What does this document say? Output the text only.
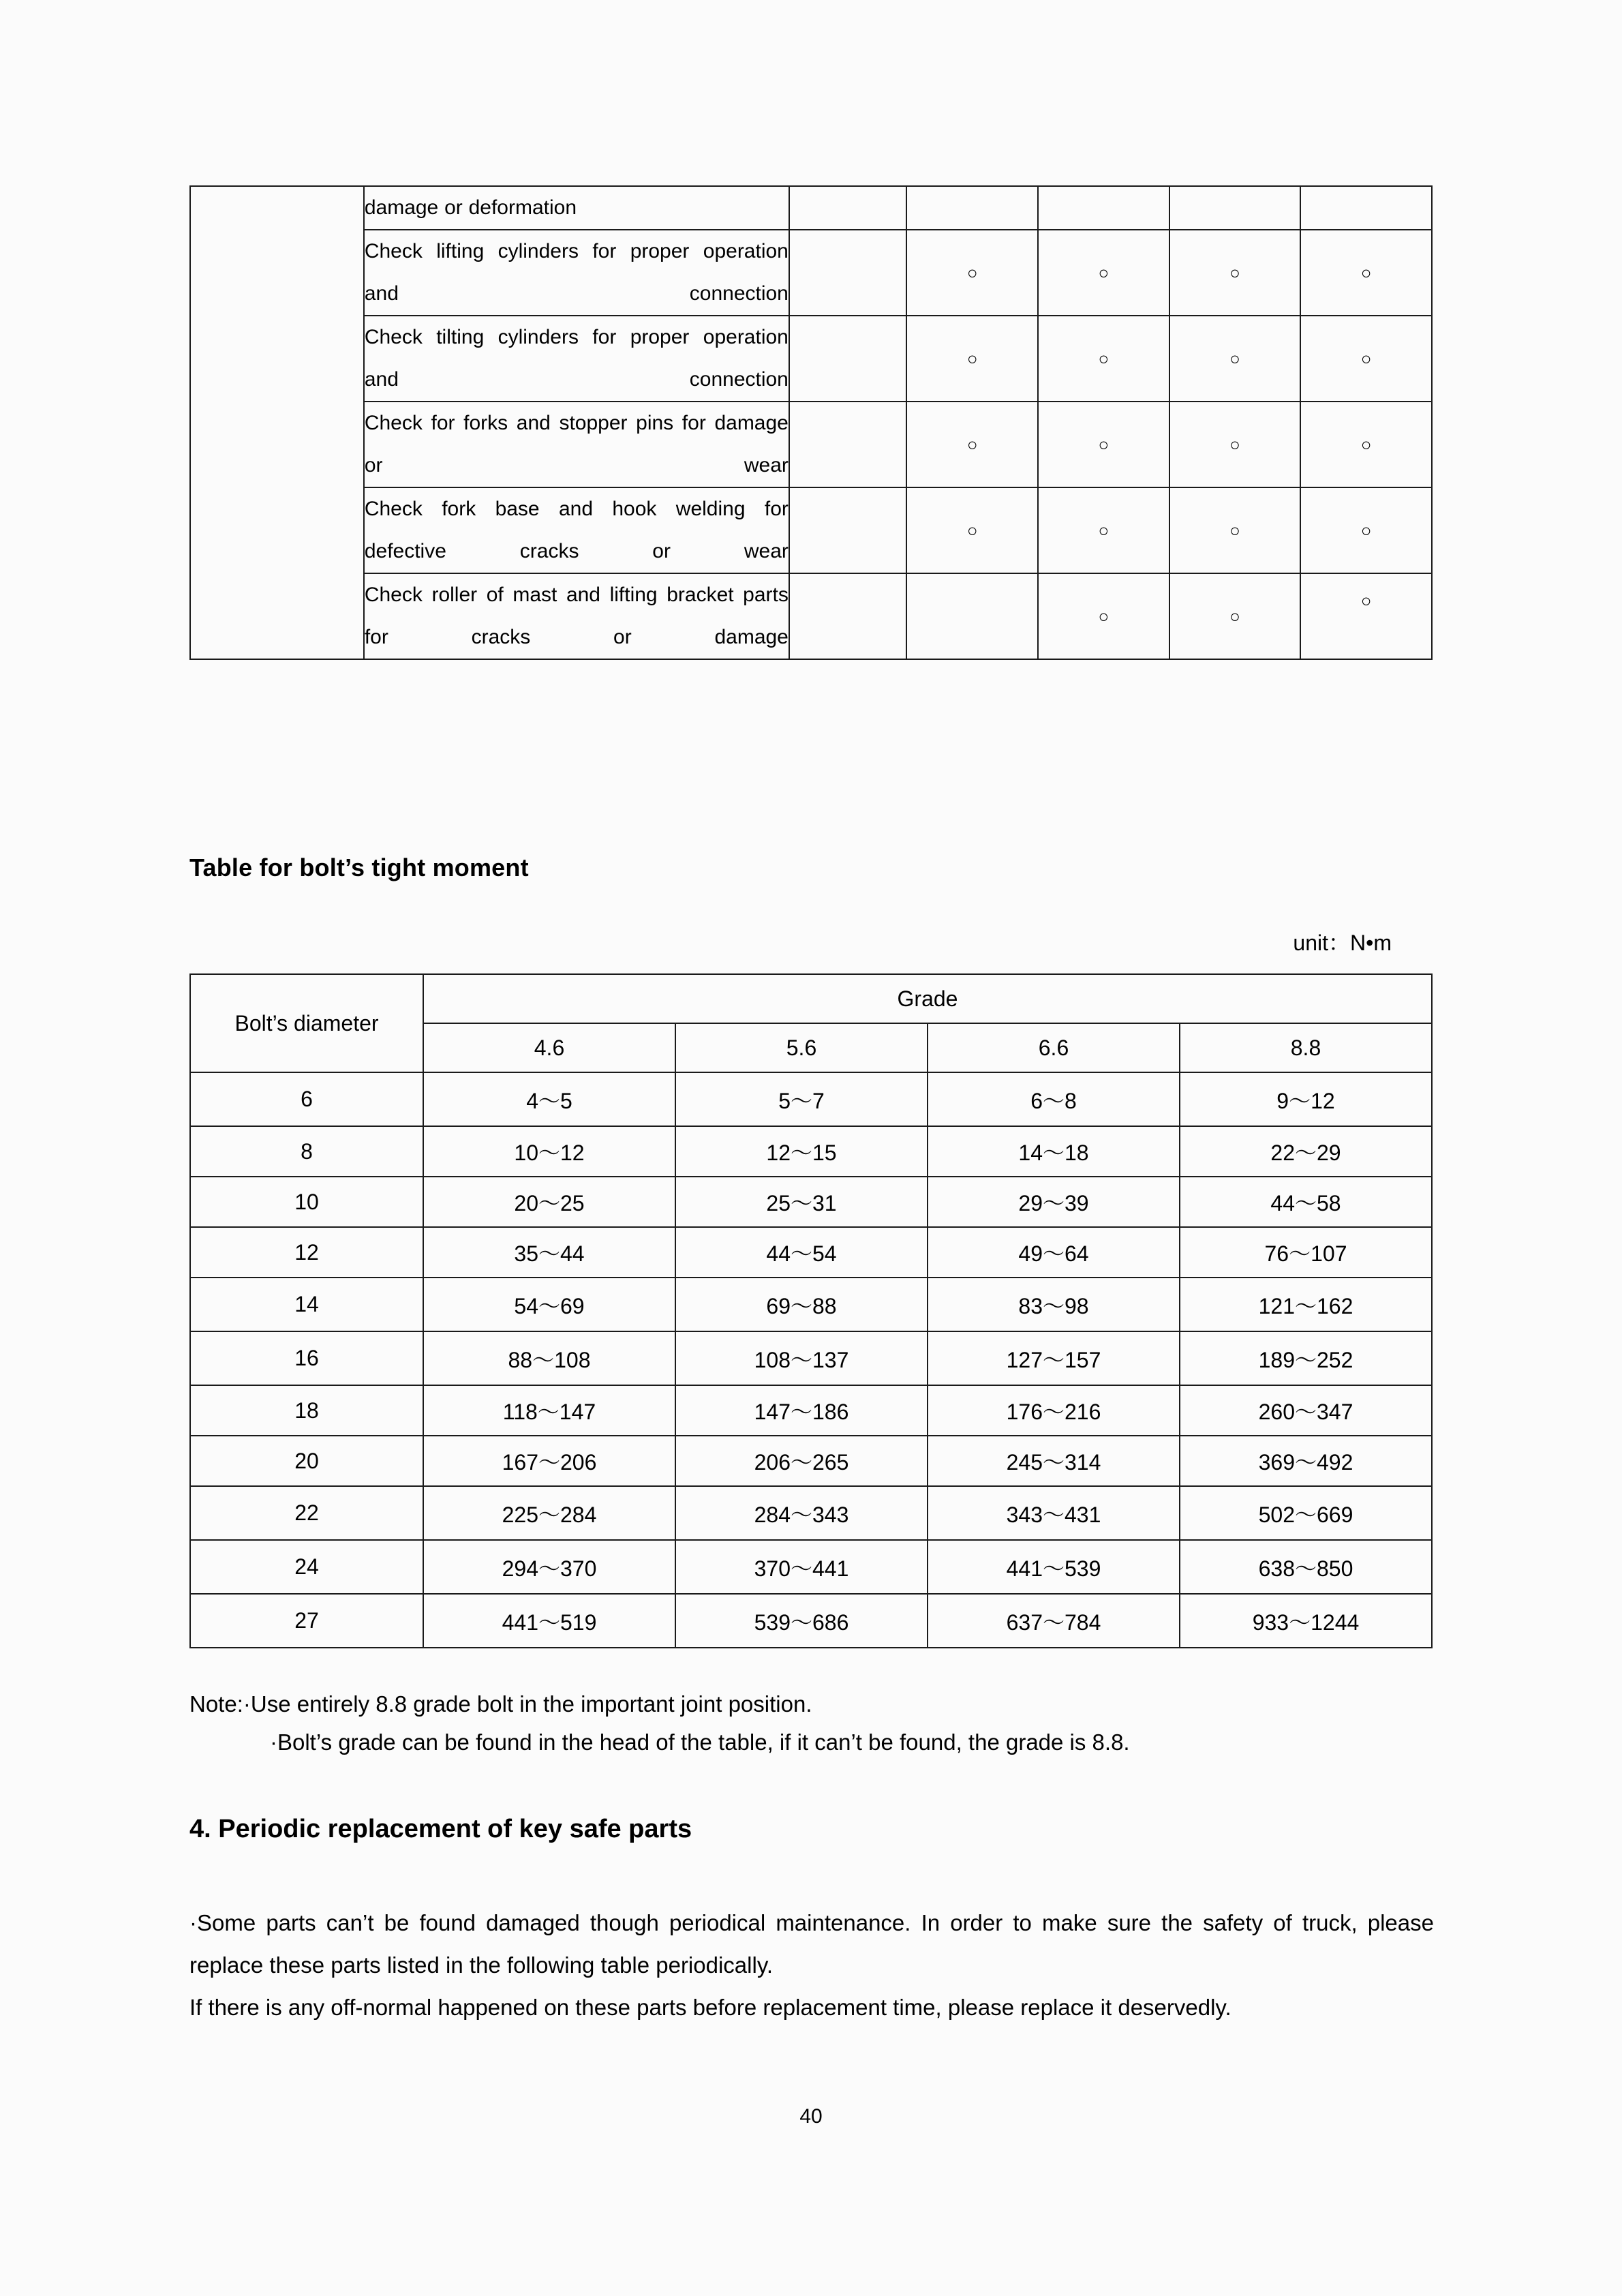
	damage or deformation					
	Check lifting cylinders for proper operation and connection		○	○	○	○
	Check tilting cylinders for proper operation and connection		○	○	○	○
	Check for forks and stopper pins for damage or wear		○	○	○	○
	Check fork base and hook welding for defective cracks or wear		○	○	○	○
	Check roller of mast and lifting bracket parts for cracks or damage			○	○	○
Table for bolt’s tight moment
unit：N•m
Bolt’s diameter	Grade			
	4.6	5.6	6.6	8.8
6	4～5	5～7	6～8	9～12
8	10～12	12～15	14～18	22～29
10	20～25	25～31	29～39	44～58
12	35～44	44～54	49～64	76～107
14	54～69	69～88	83～98	121～162
16	88～108	108～137	127～157	189～252
18	118～147	147～186	176～216	260～347
20	167～206	206～265	245～314	369～492
22	225～284	284～343	343～431	502～669
24	294～370	370～441	441～539	638～850
27	441～519	539～686	637～784	933～1244
Note:·Use entirely 8.8 grade bolt in the important joint position.
·Bolt’s grade can be found in the head of the table, if it can’t be found, the grade is 8.8.
4. Periodic replacement of key safe parts
·Some parts can’t be found damaged though periodical maintenance. In order to make sure the safety of truck, please replace these parts listed in the following table periodically.
If there is any off-normal happened on these parts before replacement time, please replace it deservedly.
40
